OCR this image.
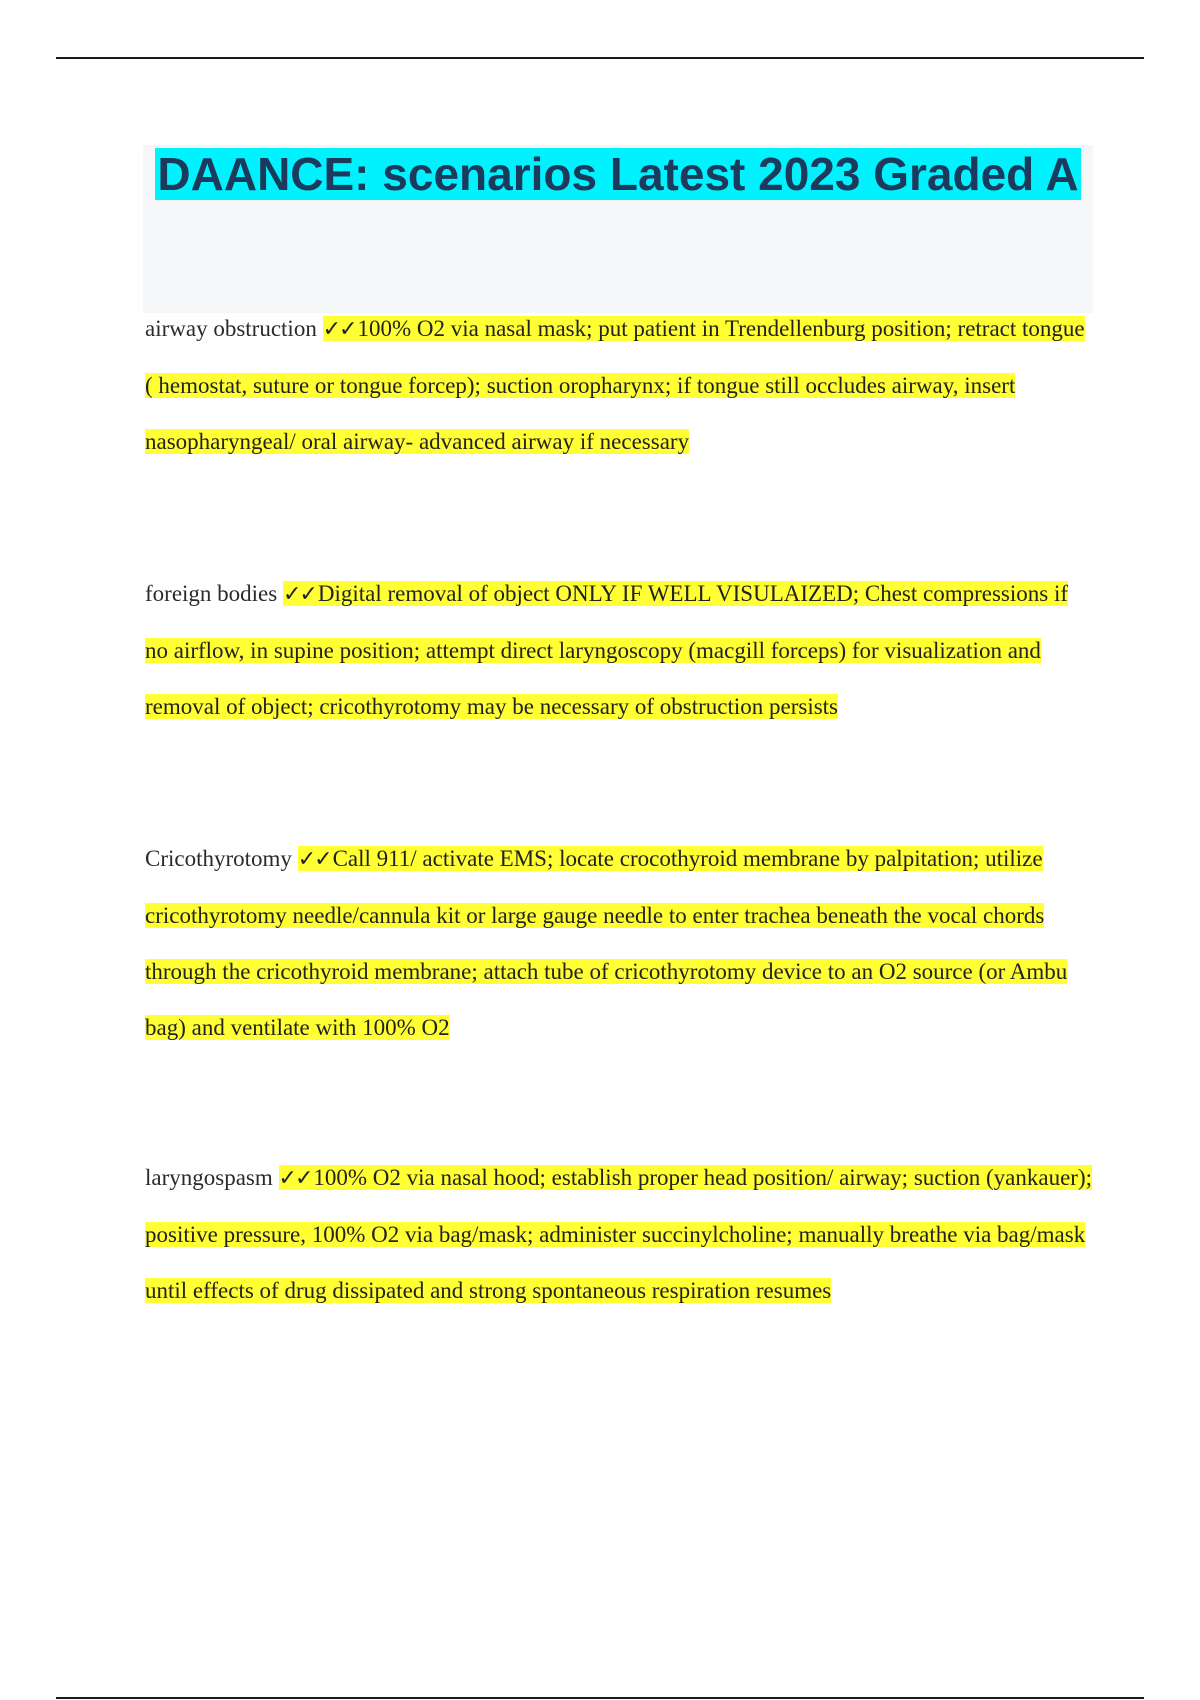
DAANCE: scenarios Latest 2023 Graded A
airway obstruction ✓✓100% O2 via nasal mask; put patient in Trendellenburg position; retract tongue ( hemostat, suture or tongue forcep); suction oropharynx; if tongue still occludes airway, insert nasopharyngeal/ oral airway- advanced airway if necessary
foreign bodies ✓✓Digital removal of object ONLY IF WELL VISULAIZED; Chest compressions if no airflow, in supine position; attempt direct laryngoscopy (macgill forceps) for visualization and removal of object; cricothyrotomy may be necessary of obstruction persists
Cricothyrotomy ✓✓Call 911/ activate EMS; locate crocothyroid membrane by palpitation; utilize cricothyrotomy needle/cannula kit or large gauge needle to enter trachea beneath the vocal chords through the cricothyroid membrane; attach tube of cricothyrotomy device to an O2 source (or Ambu bag) and ventilate with 100% O2
laryngospasm ✓✓100% O2 via nasal hood; establish proper head position/ airway; suction (yankauer); positive pressure, 100% O2 via bag/mask; administer succinylcholine; manually breathe via bag/mask until effects of drug dissipated and strong spontaneous respiration resumes
